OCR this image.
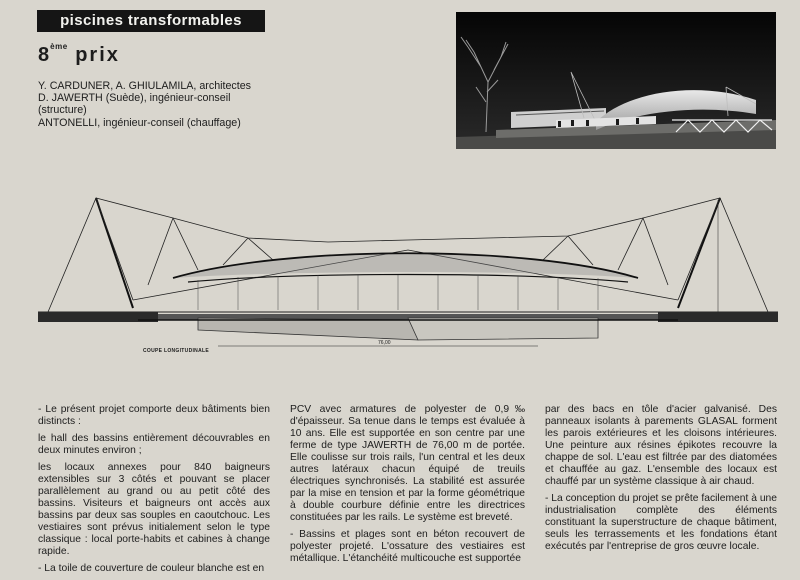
piscines transformables
8ème prix
Y. CARDUNER, A. GHIULAMILA, architectes
D. JAWERTH (Suède), ingénieur-conseil (structure)
ANTONELLI, ingénieur-conseil (chauffage)
76,00
COUPE LONGITUDINALE

- Le présent projet comporte deux bâtiments bien distincts :

le hall des bassins entièrement découvrables en deux minutes environ ;

les locaux annexes pour 840 baigneurs extensibles sur 3 côtés et pouvant se placer parallèlement au grand ou au petit côté des bassins. Visiteurs et baigneurs ont accès aux bassins par deux sas souples en caoutchouc. Les vestiaires sont prévus initialement selon le type classique : local porte-habits et cabines à change rapide.

- La toile de couverture de couleur blanche est en

PCV avec armatures de polyester de 0,9‰ d'épaisseur. Sa tenue dans le temps est évaluée à 10 ans. Elle est supportée en son centre par une ferme de type JAWERTH de 76,00 m de portée. Elle coulisse sur trois rails, l'un central et les deux autres latéraux chacun équipé de treuils électriques synchronisés. La stabilité est assurée par la mise en tension et par la forme géométrique à double courbure définie entre les directrices constituées par les rails. Le système est breveté.

- Bassins et plages sont en béton recouvert de polyester projeté. L'ossature des vestiaires est métallique. L'étanchéité multicouche est supportée

par des bacs en tôle d'acier galvanisé. Des panneaux isolants à parements GLASAL forment les parois extérieures et les cloisons intérieures. Une peinture aux résines épikotes recouvre la chappe de sol. L'eau est filtrée par des diatomées et chauffée au gaz. L'ensemble des locaux est chauffé par un système classique à air chaud.

- La conception du projet se prête facilement à une industrialisation complète des éléments constituant la superstructure de chaque bâtiment, seuls les terrassements et les fondations étant exécutés par l'entreprise de gros œuvre locale.
